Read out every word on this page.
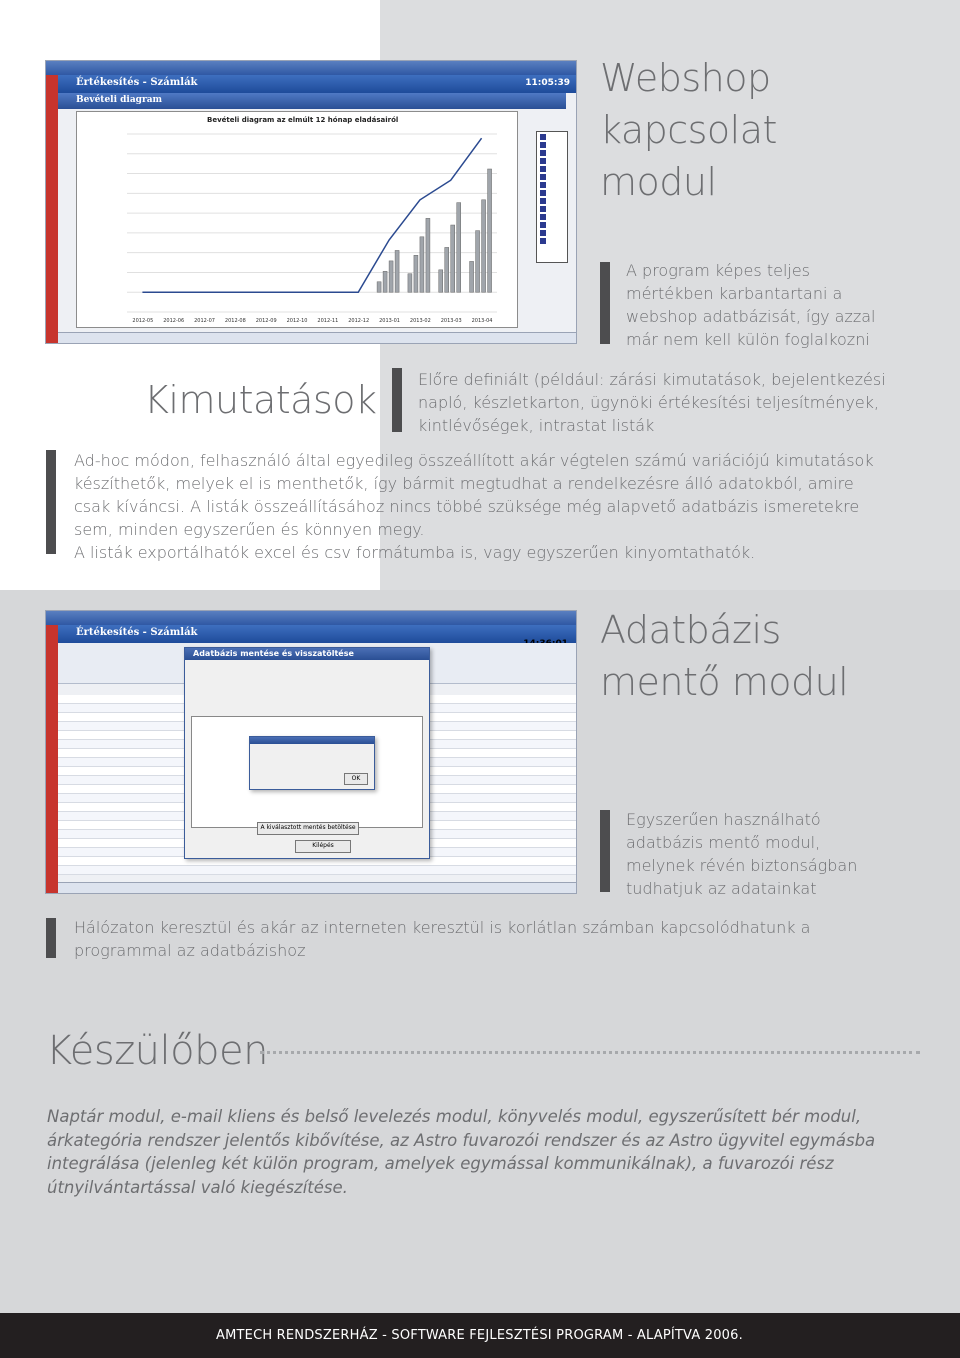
Értékesítés - Számlák	11:05:39
Bevételi diagram
Bevételi diagram az elmúlt 12 hónap eladásairól
2012-05 2012-06 2012-07 2012-08 2012-09 2012-10 2012-11 2012-12 2013-01 2013-02 2013-03 2013-04
Webshop
kapcsolat
modul
A program képes teljes
mértékben karbantartani a
webshop adatbázisát, így azzal
már nem kell külön foglalkozni
Kimutatások	Előre definiált (például: zárási kimutatások, bejelentkezési
napló, készletkarton, ügynöki értékesítési teljesítmények,
kintlévőségek, intrastat listák
Ad-hoc módon, felhasználó által egyedileg összeállított akár végtelen számú variációjú kimutatások
készíthetők, melyek el is menthetők, így bármit megtudhat a rendelkezésre álló adatokból, amire
csak kíváncsi. A listák összeállításához nincs többé szüksége még alapvető adatbázis ismeretekre
sem, minden egyszerűen és könnyen megy.
A listák exportálhatók excel és csv formátumba is, vagy egyszerűen kinyomtathatók.
Értékesítés - Számlák
Adatbázis mentése és visszatöltése
OK
A kiválasztott mentés betöltése
Kilépés
Adatbázis
mentő modul
Egyszerűen használható
adatbázis mentő modul,
melynek révén biztonságban
tudhatjuk az adatainkat
Hálózaton keresztül és akár az interneten keresztül is korlátlan számban kapcsolódhatunk a
programmal az adatbázishoz
Készülőben
Naptár modul, e-mail kliens és belső levelezés modul, könyvelés modul, egyszerűsített bér modul,
árkategória rendszer jelentős kibővítése, az Astro fuvarozói rendszer és az Astro ügyvitel egymásba
integrálása (jelenleg két külön program, amelyek egymással kommunikálnak), a fuvarozói rész
útnyilvántartással való kiegészítése.
AMTECH RENDSZERHÁZ - SOFTWARE FEJLESZTÉSI PROGRAM - ALAPÍTVA 2006.
